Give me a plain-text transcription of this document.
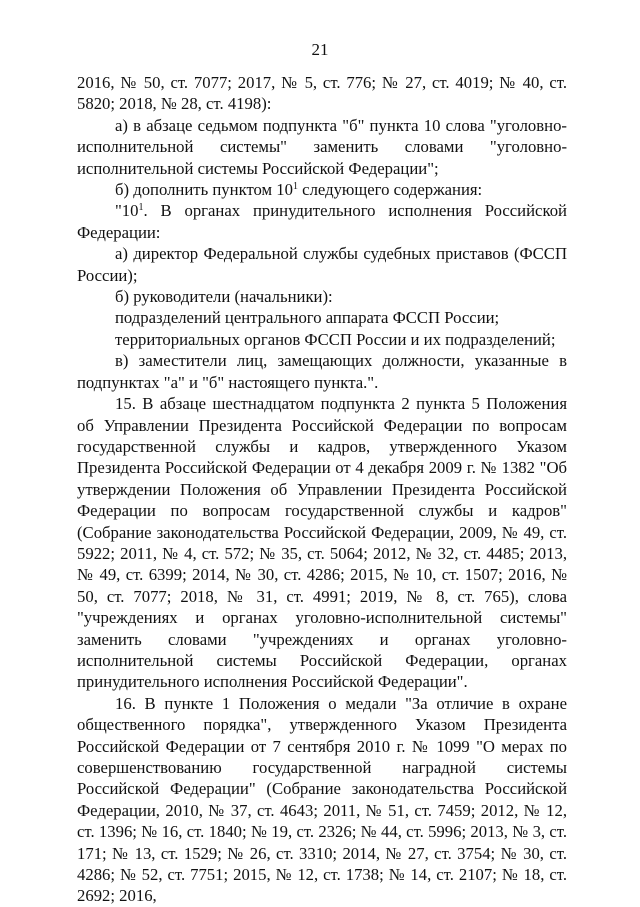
21

2016, № 50, ст. 7077; 2017, № 5, ст. 776; № 27, ст. 4019; № 40, ст. 5820; 2018, № 28, ст. 4198):

а) в абзаце седьмом подпункта "б" пункта 10 слова "уголовно-исполнительной системы" заменить словами "уголовно-исполнительной системы Российской Федерации";

б) дополнить пунктом $10^1$ следующего содержания:

"$10^1$. В органах принудительного исполнения Российской Федерации:

а) директор Федеральной службы судебных приставов (ФССП России);

б) руководители (начальники):

подразделений центрального аппарата ФССП России;

территориальных органов ФССП России и их подразделений;

в) заместители лиц, замещающих должности, указанные в подпунктах "а" и "б" настоящего пункта.".

15. В абзаце шестнадцатом подпункта 2 пункта 5 Положения об Управлении Президента Российской Федерации по вопросам государственной службы и кадров, утвержденного Указом Президента Российской Федерации от 4 декабря 2009 г. № 1382 "Об утверждении Положения об Управлении Президента Российской Федерации по вопросам государственной службы и кадров" (Собрание законодательства Российской Федерации, 2009, № 49, ст. 5922; 2011, № 4, ст. 572; № 35, ст. 5064; 2012, № 32, ст. 4485; 2013, № 49, ст. 6399; 2014, № 30, ст. 4286; 2015, № 10, ст. 1507; 2016, № 50, ст. 7077; 2018, № 31, ст. 4991; 2019, № 8, ст. 765), слова "учреждениях и органах уголовно-исполнительной системы" заменить словами "учреждениях и органах уголовно-исполнительной системы Российской Федерации, органах принудительного исполнения Российской Федерации".

16. В пункте 1 Положения о медали "За отличие в охране общественного порядка", утвержденного Указом Президента Российской Федерации от 7 сентября 2010 г. № 1099 "О мерах по совершенствованию государственной наградной системы Российской Федерации" (Собрание законодательства Российской Федерации, 2010, № 37, ст. 4643; 2011, № 51, ст. 7459; 2012, № 12, ст. 1396; № 16, ст. 1840; № 19, ст. 2326; № 44, ст. 5996; 2013, № 3, ст. 171; № 13, ст. 1529; № 26, ст. 3310; 2014, № 27, ст. 3754; № 30, ст. 4286; № 52, ст. 7751; 2015, № 12, ст. 1738; № 14, ст. 2107; № 18, ст. 2692; 2016,
